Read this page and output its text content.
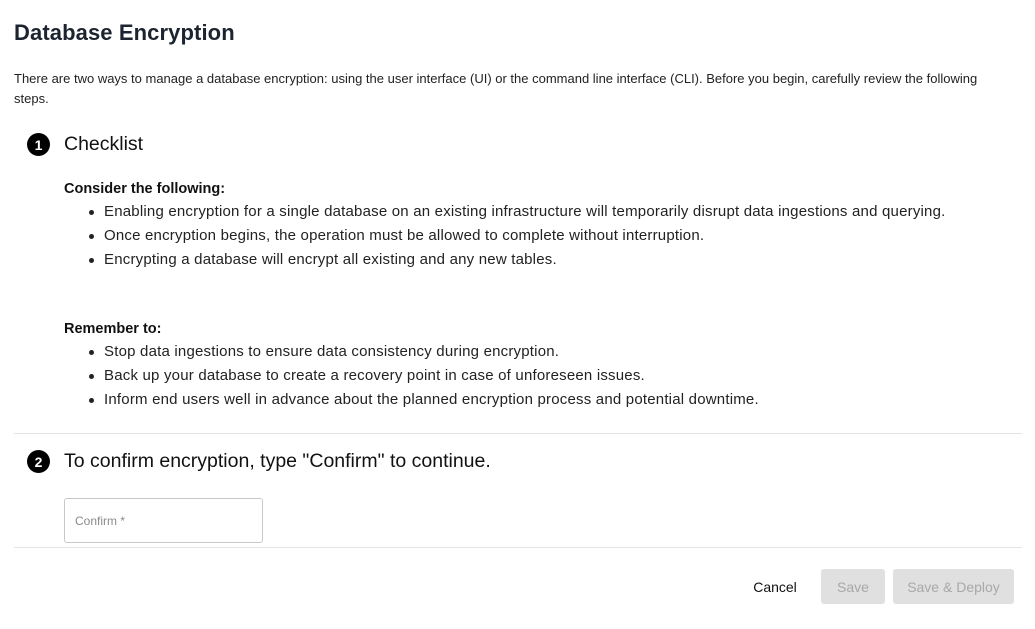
Database Encryption
There are two ways to manage a database encryption: using the user interface (UI) or the command line interface (CLI). Before you begin, carefully review the following steps.
1	Checklist
Consider the following:
Enabling encryption for a single database on an existing infrastructure will temporarily disrupt data ingestions and querying.
Once encryption begins, the operation must be allowed to complete without interruption.
Encrypting a database will encrypt all existing and any new tables.
Remember to:
Stop data ingestions to ensure data consistency during encryption.
Back up your database to create a recovery point in case of unforeseen issues.
Inform end users well in advance about the planned encryption process and potential downtime.
2	To confirm encryption, type "Confirm" to continue.
Confirm *
Cancel	Save	Save & Deploy
